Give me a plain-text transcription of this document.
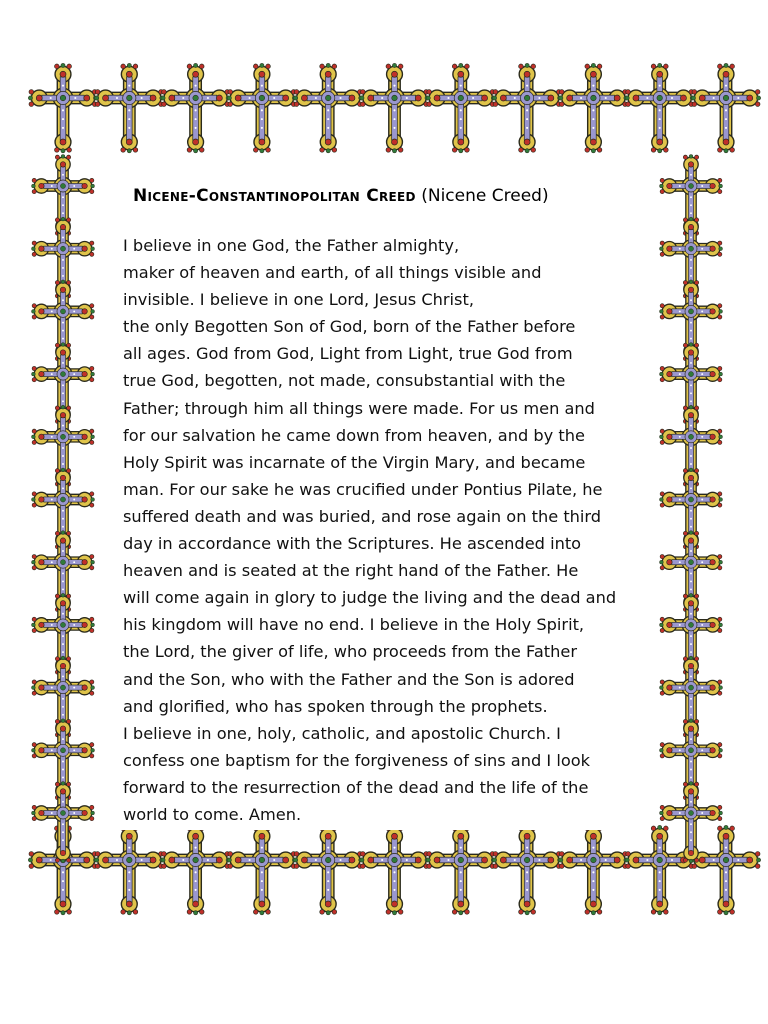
Nicene-Constantinopolitan Creed (Nicene Creed)
I believe in one God, the Father almighty,
maker of heaven and earth, of all things visible and
invisible. I believe in one Lord, Jesus Christ,
the only Begotten Son of God, born of the Father before
all ages. God from God, Light from Light, true God from
true God, begotten, not made, consubstantial with the
Father; through him all things were made. For us men and
for our salvation he came down from heaven, and by the
Holy Spirit was incarnate of the Virgin Mary, and became
man. For our sake he was crucified under Pontius Pilate, he
suffered death and was buried, and rose again on the third
day in accordance with the Scriptures. He ascended into
heaven and is seated at the right hand of the Father. He
will come again in glory to judge the living and the dead and
his kingdom will have no end. I believe in the Holy Spirit,
the Lord, the giver of life, who proceeds from the Father
and the Son, who with the Father and the Son is adored
and glorified, who has spoken through the prophets.
I believe in one, holy, catholic, and apostolic Church. I
confess one baptism for the forgiveness of sins and I look
forward to the resurrection of the dead and the life of the
world to come. Amen.
